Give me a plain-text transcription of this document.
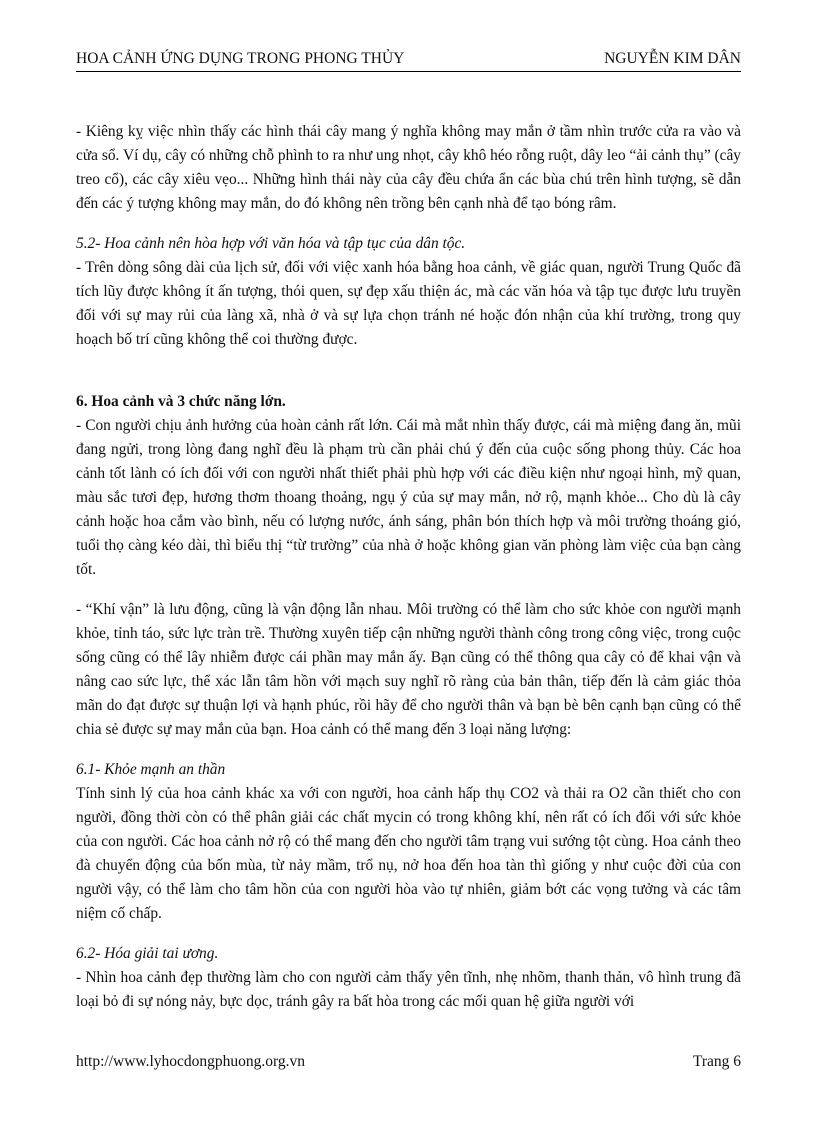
HOA CẢNH ỨNG DỤNG TRONG PHONG THỦY	NGUYỄN KIM DÂN

- Kiêng kỵ việc nhìn thấy các hình thái cây mang ý nghĩa không may mắn ở tầm nhìn trước cửa ra vào và cửa sổ. Ví dụ, cây có những chỗ phình to ra như ung nhọt, cây khô héo rỗng ruột, dây leo “ải cảnh thụ” (cây treo cổ), các cây xiêu vẹo... Những hình thái này của cây đều chứa ẩn các bùa chú trên hình tượng, sẽ dẫn đến các ý tượng không may mắn, do đó không nên trồng bên cạnh nhà để tạo bóng râm.

5.2- Hoa cảnh nên hòa hợp với văn hóa và tập tục của dân tộc.

- Trên dòng sông dài của lịch sử, đối với việc xanh hóa bằng hoa cảnh, về giác quan, người Trung Quốc đã tích lũy được không ít ấn tượng, thói quen, sự đẹp xấu thiện ác, mà các văn hóa và tập tục được lưu truyền đối với sự may rủi của làng xã, nhà ở và sự lựa chọn tránh né hoặc đón nhận của khí trường, trong quy hoạch bố trí cũng không thể coi thường được.

6. Hoa cảnh và 3 chức năng lớn.

- Con người chịu ảnh hưởng của hoàn cảnh rất lớn. Cái mà mắt nhìn thấy được, cái mà miệng đang ăn, mũi đang ngửi, trong lòng đang nghĩ đều là phạm trù cần phải chú ý đến của cuộc sống phong thủy. Các hoa cảnh tốt lành có ích đối với con người nhất thiết phải phù hợp với các điều kiện như ngoại hình, mỹ quan, màu sắc tươi đẹp, hương thơm thoang thoảng, ngụ ý của sự may mắn, nở rộ, mạnh khỏe... Cho dù là cây cảnh hoặc hoa cắm vào bình, nếu có lượng nước, ánh sáng, phân bón thích hợp và môi trường thoáng gió, tuổi thọ càng kéo dài, thì biểu thị “từ trường” của nhà ở hoặc không gian văn phòng làm việc của bạn càng tốt.

- “Khí vận” là lưu động, cũng là vận động lẫn nhau. Môi trường có thể làm cho sức khỏe con người mạnh khỏe, tỉnh táo, sức lực tràn trề. Thường xuyên tiếp cận những người thành công trong công việc, trong cuộc sống cũng có thể lây nhiễm được cái phần may mắn ấy. Bạn cũng có thể thông qua cây cỏ để khai vận và nâng cao sức lực, thể xác lẫn tâm hồn với mạch suy nghĩ rõ ràng của bản thân, tiếp đến là cảm giác thỏa mãn do đạt được sự thuận lợi và hạnh phúc, rồi hãy để cho người thân và bạn bè bên cạnh bạn cũng có thể chia sẻ được sự may mắn của bạn. Hoa cảnh có thể mang đến 3 loại năng lượng:

6.1- Khỏe mạnh an thần

Tính sinh lý của hoa cảnh khác xa với con người, hoa cảnh hấp thụ CO2 và thải ra O2 cần thiết cho con người, đồng thời còn có thể phân giải các chất mycin có trong không khí, nên rất có ích đối với sức khỏe của con người. Các hoa cảnh nở rộ có thể mang đến cho người tâm trạng vui sướng tột cùng. Hoa cảnh theo đà chuyển động của bốn mùa, từ nảy mầm, trổ nụ, nở hoa đến hoa tàn thì giống y như cuộc đời của con người vậy, có thể làm cho tâm hồn của con người hòa vào tự nhiên, giảm bớt các vọng tưởng và các tâm niệm cố chấp.

6.2- Hóa giải tai ương.

- Nhìn hoa cảnh đẹp thường làm cho con người cảm thấy yên tĩnh, nhẹ nhõm, thanh thản, vô hình trung đã loại bỏ đi sự nóng nảy, bực dọc, tránh gây ra bất hòa trong các mối quan hệ giữa người với

http://www.lyhocdongphuong.org.vn	Trang 6
